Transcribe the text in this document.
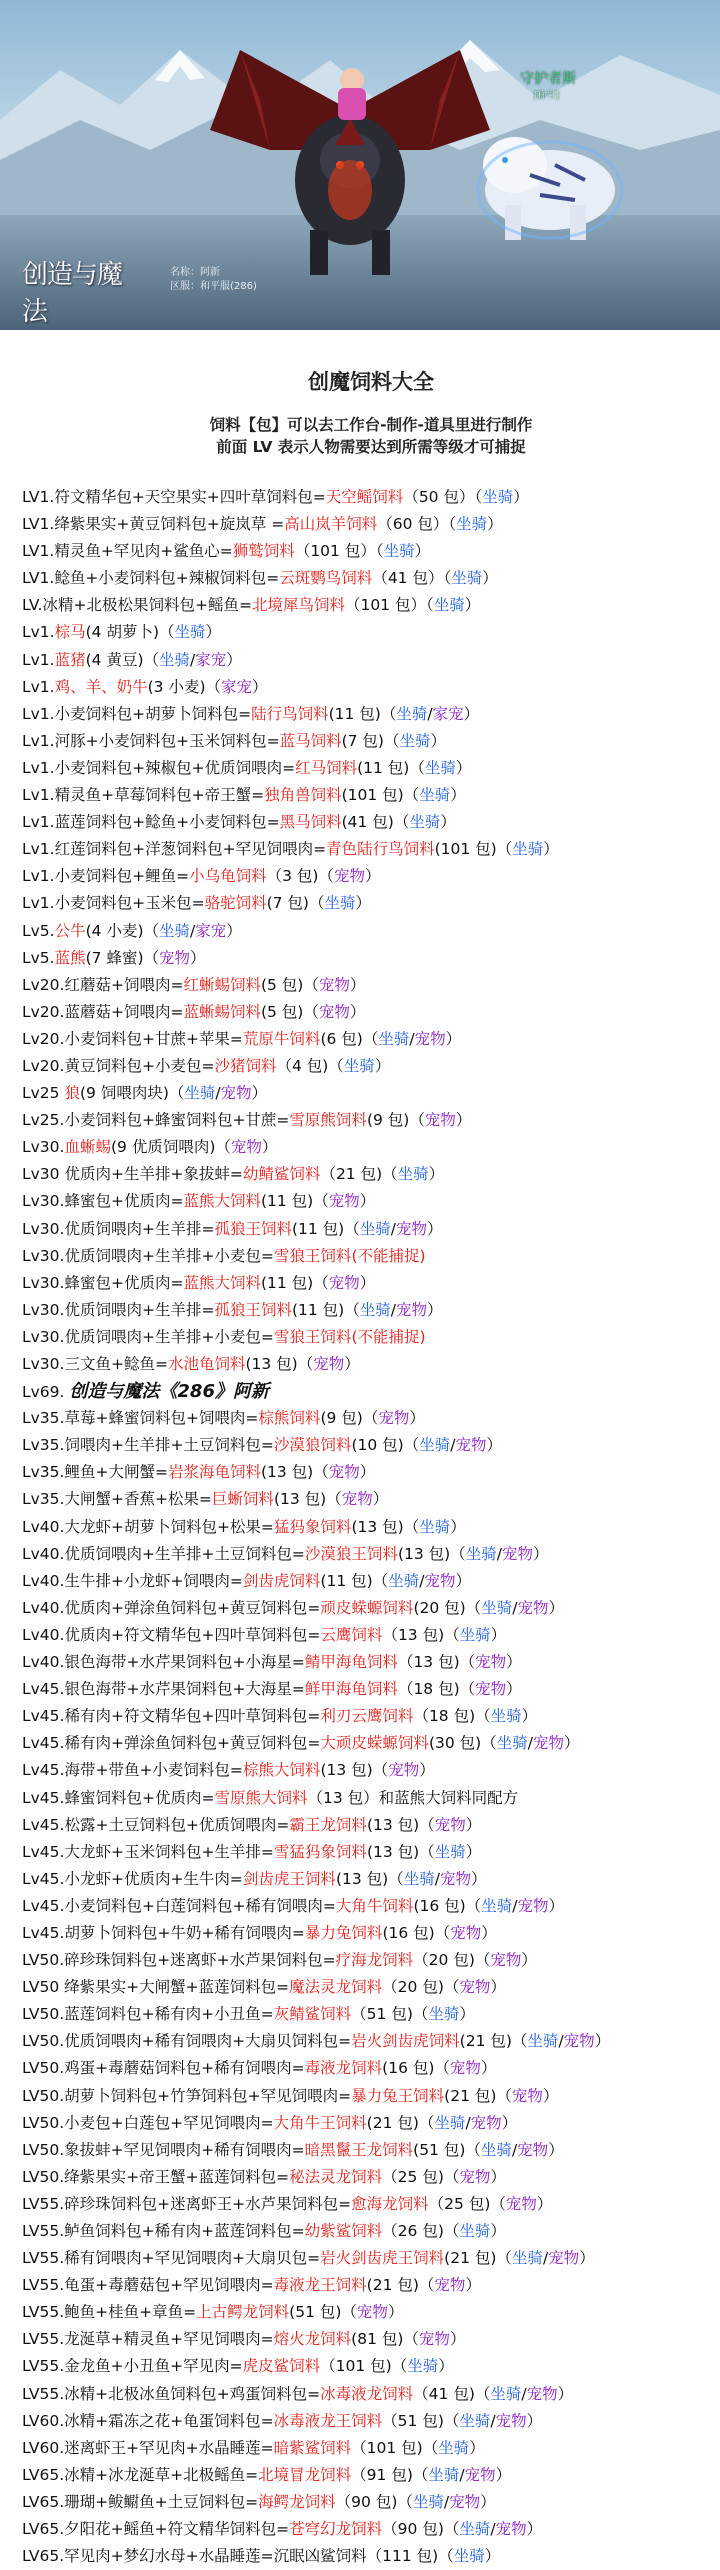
守护者斯
[称号]
创造与魔法
名称：阿新
区服：和平服(286)
创魔饲料大全
饲料【包】可以去工作台-制作-道具里进行制作
前面 LV 表示人物需要达到所需等级才可捕捉
LV1.符文精华包+天空果实+四叶草饲料包=天空鳐饲料（50 包）（坐骑）
LV1.绛紫果实+黄豆饲料包+旋岚草 =高山岚羊饲料（60 包）（坐骑）
LV1.精灵鱼+罕见肉+鲨鱼心=狮鹫饲料（101 包）（坐骑）
LV1.鲶鱼+小麦饲料包+辣椒饲料包=云斑鹦鸟饲料（41 包）（坐骑）
LV.冰精+北极松果饲料包+鳐鱼=北境犀鸟饲料（101 包）（坐骑）
Lv1.棕马(4 胡萝卜)（坐骑）
Lv1.蓝猪(4 黄豆)（坐骑/家宠）
Lv1.鸡、羊、奶牛(3 小麦)（家宠）
Lv1.小麦饲料包+胡萝卜饲料包=陆行鸟饲料(11 包)（坐骑/家宠）
Lv1.河豚+小麦饲料包+玉米饲料包=蓝马饲料(7 包)（坐骑）
Lv1.小麦饲料包+辣椒包+优质饲喂肉=红马饲料(11 包)（坐骑）
Lv1.精灵鱼+草莓饲料包+帝王蟹=独角兽饲料(101 包)（坐骑）
Lv1.蓝莲饲料包+鲶鱼+小麦饲料包=黑马饲料(41 包)（坐骑）
Lv1.红莲饲料包+洋葱饲料包+罕见饲喂肉=青色陆行鸟饲料(101 包)（坐骑）
Lv1.小麦饲料包+鲤鱼=小乌龟饲料（3 包)（宠物）
Lv1.小麦饲料包+玉米包=骆驼饲料(7 包)（坐骑）
Lv5.公牛(4 小麦)（坐骑/家宠）
Lv5.蓝熊(7 蜂蜜)（宠物）
Lv20.红蘑菇+饲喂肉=红蜥蜴饲料(5 包)（宠物）
Lv20.蓝蘑菇+饲喂肉=蓝蜥蜴饲料(5 包)（宠物）
Lv20.小麦饲料包+甘蔗+苹果=荒原牛饲料(6 包)（坐骑/宠物）
Lv20.黄豆饲料包+小麦包=沙猪饲料（4 包)（坐骑）
Lv25 狼(9 饲喂肉块)（坐骑/宠物）
Lv25.小麦饲料包+蜂蜜饲料包+甘蔗=雪原熊饲料(9 包)（宠物）
Lv30.血蜥蜴(9 优质饲喂肉)（宠物）
Lv30 优质肉+生羊排+象拔蚌=幼鲭鲨饲料（21 包)（坐骑）
Lv30.蜂蜜包+优质肉=蓝熊大饲料(11 包)（宠物）
Lv30.优质饲喂肉+生羊排=孤狼王饲料(11 包)（坐骑/宠物）
Lv30.优质饲喂肉+生羊排+小麦包=雪狼王饲料(不能捕捉)
Lv30.蜂蜜包+优质肉=蓝熊大饲料(11 包)（宠物）
Lv30.优质饲喂肉+生羊排=孤狼王饲料(11 包)（坐骑/宠物）
Lv30.优质饲喂肉+生羊排+小麦包=雪狼王饲料(不能捕捉)
Lv30.三文鱼+鲶鱼=水池龟饲料(13 包)（宠物）
Lv69. 创造与魔法《286》阿新
Lv35.草莓+蜂蜜饲料包+饲喂肉=棕熊饲料(9 包)（宠物）
Lv35.饲喂肉+生羊排+土豆饲料包=沙漠狼饲料(10 包)（坐骑/宠物）
Lv35.鲤鱼+大闸蟹=岩浆海龟饲料(13 包)（宠物）
Lv35.大闸蟹+香蕉+松果=巨蜥饲料(13 包)（宠物）
Lv40.大龙虾+胡萝卜饲料包+松果=猛犸象饲料(13 包)（坐骑）
Lv40.优质饲喂肉+生羊排+土豆饲料包=沙漠狼王饲料(13 包)（坐骑/宠物）
Lv40.生牛排+小龙虾+饲喂肉=剑齿虎饲料(11 包)（坐骑/宠物）
Lv40.优质肉+弹涂鱼饲料包+黄豆饲料包=顽皮蝾螈饲料(20 包)（坐骑/宠物）
Lv40.优质肉+符文精华包+四叶草饲料包=云鹰饲料（13 包)（坐骑）
Lv40.银色海带+水芹果饲料包+小海星=鲭甲海龟饲料（13 包)（宠物）
Lv45.银色海带+水芹果饲料包+大海星=鲜甲海龟饲料（18 包)（宠物）
Lv45.稀有肉+符文精华包+四叶草饲料包=利刃云鹰饲料（18 包)（坐骑）
Lv45.稀有肉+弹涂鱼饲料包+黄豆饲料包=大顽皮蝾螈饲料(30 包)（坐骑/宠物）
Lv45.海带+带鱼+小麦饲料包=棕熊大饲料(13 包)（宠物）
Lv45.蜂蜜饲料包+优质肉=雪原熊大饲料（13 包）和蓝熊大饲料同配方
Lv45.松露+土豆饲料包+优质饲喂肉=霸王龙饲料(13 包)（宠物）
Lv45.大龙虾+玉米饲料包+生羊排=雪猛犸象饲料(13 包)（坐骑）
Lv45.小龙虾+优质肉+生牛肉=剑齿虎王饲料(13 包)（坐骑/宠物）
Lv45.小麦饲料包+白莲饲料包+稀有饲喂肉=大角牛饲料(16 包)（坐骑/宠物）
Lv45.胡萝卜饲料包+牛奶+稀有饲喂肉=暴力兔饲料(16 包)（宠物）
LV50.碎珍珠饲料包+迷离虾+水芦果饲料包=疗海龙饲料（20 包)（宠物）
LV50 绛紫果实+大闸蟹+蓝莲饲料包=魔法灵龙饲料（20 包)（宠物）
LV50.蓝莲饲料包+稀有肉+小丑鱼=灰鲭鲨饲料（51 包)（坐骑）
LV50.优质饲喂肉+稀有饲喂肉+大扇贝饲料包=岩火剑齿虎饲料(21 包)（坐骑/宠物）
LV50.鸡蛋+毒蘑菇饲料包+稀有饲喂肉=毒液龙饲料(16 包)（宠物）
LV50.胡萝卜饲料包+竹笋饲料包+罕见饲喂肉=暴力兔王饲料(21 包)（宠物）
LV50.小麦包+白莲包+罕见饲喂肉=大角牛王饲料(21 包)（坐骑/宠物）
LV50.象拔蚌+罕见饲喂肉+稀有饲喂肉=暗黑鬣王龙饲料(51 包)（坐骑/宠物）
LV50.绛紫果实+帝王蟹+蓝莲饲料包=秘法灵龙饲料（25 包)（宠物）
LV55.碎珍珠饲料包+迷离虾王+水芦果饲料包=愈海龙饲料（25 包)（宠物）
LV55.鲈鱼饲料包+稀有肉+蓝莲饲料包=幼紫鲨饲料（26 包)（坐骑）
LV55.稀有饲喂肉+罕见饲喂肉+大扇贝包=岩火剑齿虎王饲料(21 包)（坐骑/宠物）
LV55.龟蛋+毒蘑菇包+罕见饲喂肉=毒液龙王饲料(21 包)（宠物）
LV55.鲍鱼+桂鱼+章鱼=上古鳄龙饲料(51 包)（宠物）
LV55.龙涎草+精灵鱼+罕见饲喂肉=熔火龙饲料(81 包)（宠物）
LV55.金龙鱼+小丑鱼+罕见肉=虎皮鲨饲料（101 包)（坐骑）
LV55.冰精+北极冰鱼饲料包+鸡蛋饲料包=冰毒液龙饲料（41 包)（坐骑/宠物）
LV60.冰精+霜冻之花+龟蛋饲料包=冰毒液龙王饲料（51 包)（坐骑/宠物）
LV60.迷离虾王+罕见肉+水晶睡莲=暗紫鲨饲料（101 包)（坐骑）
LV65.冰精+冰龙涎草+北极鳐鱼=北境冒龙饲料（91 包)（坐骑/宠物）
LV65.珊瑚+鲅鳚鱼+土豆饲料包=海鳄龙饲料（90 包)（坐骑/宠物）
LV65.夕阳花+鳐鱼+符文精华饲料包=苍穹幻龙饲料（90 包)（坐骑/宠物）
LV65.罕见肉+梦幻水母+水晶睡莲=沉眠凶鲨饲料（111 包)（坐骑）
